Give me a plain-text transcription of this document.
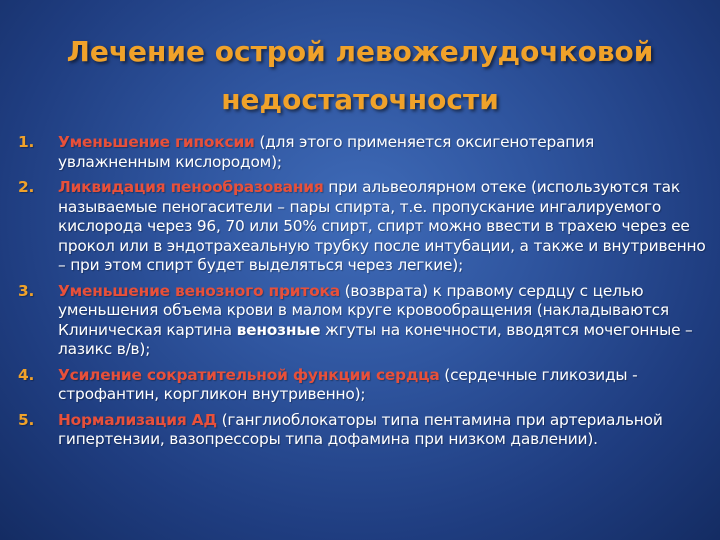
Лечение острой левожелудочковой
недостаточности
1. Уменьшение гипоксии (для этого применяется оксигенотерапия увлажненным кислородом);
2. Ликвидация пенообразования при альвеолярном отеке (используются так называемые пеногасители – пары спирта, т.е. пропускание ингалируемого кислорода через 96, 70 или 50% спирт, спирт можно ввести в трахею через ее прокол или в эндотрахеальную трубку после интубации, а также и внутривенно – при этом спирт будет выделяться через легкие);
3. Уменьшение венозного притока (возврата) к правому сердцу с целью уменьшения объема крови в малом круге кровообращения (накладываются Клиническая картина венозные жгуты на конечности, вводятся мочегонные – лазикс в/в);
4. Усиление сократительной функции сердца (сердечные гликозиды - строфантин, коргликон внутривенно);
5. Нормализация АД (ганглиоблокаторы типа пентамина при артериальной гипертензии, вазопрессоры типа дофамина при низком давлении).
